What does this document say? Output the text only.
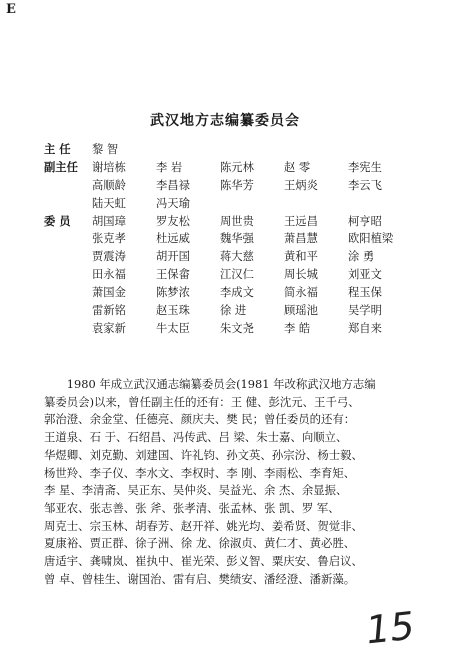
E
武汉地方志编纂委员会
主 任	黎 智
副主任	谢培栋	李 岩	陈元林	赵 零	李宪生
高顺龄	李昌禄	陈华芳	王炳炎	李云飞
陆天虹	冯天瑜
委 员	胡国璋	罗友松	周世贵	王远昌	柯亨昭
张克孝	杜远威	魏华强	萧昌慧	欧阳植梁
贾震涛	胡开国	蒋大慈	黄和平	涂 勇
田永福	王保畲	江汉仁	周长城	刘亚文
萧国金	陈梦浓	李成文	简永福	程玉保
雷新铭	赵玉珠	徐 进	顾瑶池	吴学明
袁家新	牛太臣	朱文尧	李 皓	郑自来
　　1980 年成立武汉通志编纂委员会(1981 年改称武汉地方志编
纂委员会)以来，曾任副主任的还有：王 健、彭沈元、王千弓、
郭治澄、余金堂、任德亮、颜庆夫、樊 民；曾任委员的还有：
王道泉、石 于、石绍昌、冯传武、吕 梁、朱士嘉、向顺立、
华煜卿、刘克勤、刘建国、许礼钧、孙文英、孙宗汾、杨士毅、
杨世羚、李子仪、李水文、李权时、李 刚、李雨松、李育矩、
李 星、李清斋、吴正东、吴仲炎、吴益光、余 杰、余显振、
邹亚农、张志善、张 斧、张孝清、张孟林、张 凯、罗 军、
周克士、宗玉林、胡春芳、赵开祥、姚光均、姜希贤、贺觉非、
夏康裕、贾正群、徐子洲、徐 龙、徐淑贞、黄仁才、黄必胜、
唐适宇、龚啸岚、崔执中、崔光荣、彭义智、粟庆安、鲁启议、
曾 卓、曾桂生、谢国治、雷有启、樊绩安、潘经澄、潘新藻。
15
